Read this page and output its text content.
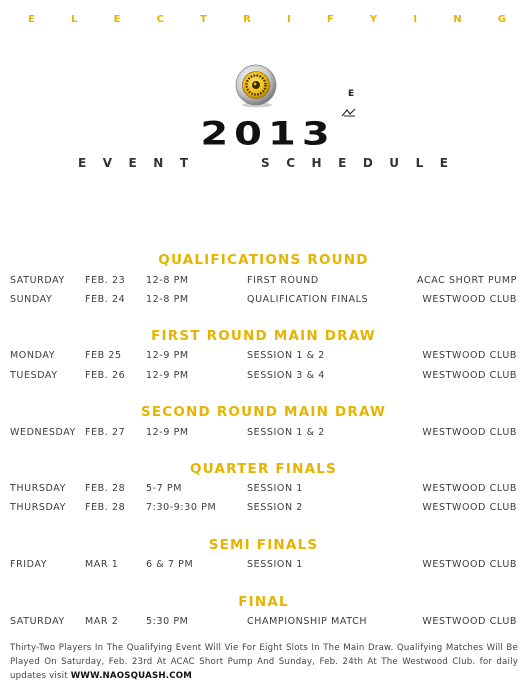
E	L	E	C	T	R	I	F	Y	I	N	G
E
2013
E V E N T	S C H E D U L E
QUALIFICATIONS ROUND
SATURDAY FEB. 23 12-8 PM	FIRST ROUND	ACAC SHORT PUMP
SUNDAY	FEB. 24 12-8 PM	QUALIFICATION FINALS	WESTWOOD CLUB
FIRST ROUND MAIN DRAW
MONDAY	FEB 25	12-9 PM	SESSION 1 & 2	WESTWOOD CLUB
TUESDAY	FEB. 26 12-9 PM	SESSION 3 & 4	WESTWOOD CLUB
SECOND ROUND MAIN DRAW
WEDNESDAY FEB. 27 12-9 PM	SESSION 1 & 2	WESTWOOD CLUB
QUARTER FINALS
THURSDAY FEB. 28 5-7 PM	SESSION 1	WESTWOOD CLUB
THURSDAY FEB. 28 7:30-9:30 PM	SESSION 2	WESTWOOD CLUB
SEMI FINALS
FRIDAY	MAR 1	6 & 7 PM	SESSION 1	WESTWOOD CLUB
FINAL
SATURDAY MAR 2	5:30 PM	CHAMPIONSHIP MATCH	WESTWOOD CLUB
Thirty-Two Players In The Qualifying Event Will Vie For Eight Slots In The Main Draw. Qualifying Matches Will Be Played On Saturday, Feb. 23rd At ACAC Short Pump And Sunday, Feb. 24th At The Westwood Club. for daily updates visit WWW.NAOSQUASH.COM
